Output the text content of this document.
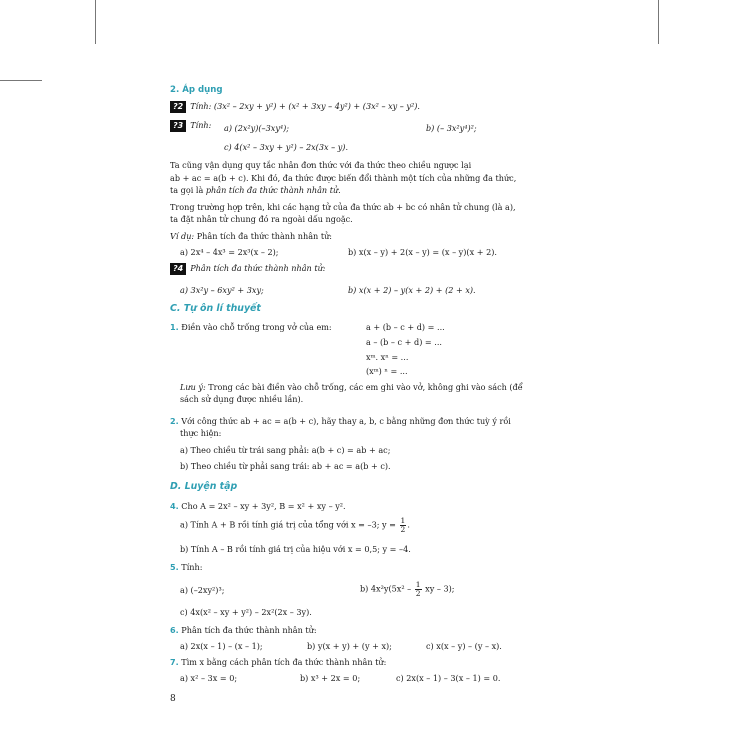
2. Áp dụng
?2 Tính: (3x² – 2xy + y²) + (x² + 3xy – 4y²) + (3x² – xy – y²).
?3 Tính: a) (2x²y)(–3xy⁴);	b) (– 3x²y⁴)²;
c) 4(x² – 3xy + y²) – 2x(3x – y).
Ta cũng vận dụng quy tắc nhân đơn thức với đa thức theo chiều ngược lại
ab + ac = a(b + c). Khi đó, đa thức được biến đổi thành một tích của những đa thức,
ta gọi là phân tích đa thức thành nhân tử.
Trong trường hợp trên, khi các hạng tử của đa thức ab + bc có nhân tử chung (là a),
ta đặt nhân tử chung đó ra ngoài dấu ngoặc.
Ví dụ: Phân tích đa thức thành nhân tử:
a) 2x⁴ – 4x³ = 2x³(x – 2);	b) x(x – y) + 2(x – y) = (x – y)(x + 2).
?4 Phân tích đa thức thành nhân tử:
a) 3x²y – 6xy² + 3xy;	b) x(x + 2) – y(x + 2) + (2 + x).
C. Tự ôn lí thuyết
1. Điền vào chỗ trống trong vở của em:	a + (b – c + d) = ...
a – (b – c + d) = ...
xᵐ. xⁿ = ...
(xᵐ) ⁿ = ...
Lưu ý: Trong các bài điền vào chỗ trống, các em ghi vào vở, không ghi vào sách (để
sách sử dụng được nhiều lần).
2. Với công thức ab + ac = a(b + c), hãy thay a, b, c bằng những đơn thức tuỳ ý rồi
thực hiện:
a) Theo chiều từ trái sang phải: a(b + c) = ab + ac;
b) Theo chiều từ phải sang trái: ab + ac = a(b + c).
D. Luyện tập
4. Cho A = 2x² – xy + 3y², B = x² + xy – y².
a) Tính A + B rồi tính giá trị của tổng với x = –3; $y = \frac{1}{2}$ .
b) Tính A – B rồi tính giá trị của hiệu với x = 0,5; y = –4.
5. Tính:
a) (–2xy²)³;	b) $4x^2y(5x^2 - \frac{1}{2}$ xy – 3);
c) 4x(x² – xy + y²) – 2x²(2x – 3y).
6. Phân tích đa thức thành nhân tử:
a) 2x(x – 1) – (x – 1);	b) y(x + y) + (y + x);	c) x(x – y) – (y – x).
7. Tìm x bằng cách phân tích đa thức thành nhân tử:
a) x² – 3x = 0;	b) x³ + 2x = 0;	c) 2x(x – 1) – 3(x – 1) = 0.
8
